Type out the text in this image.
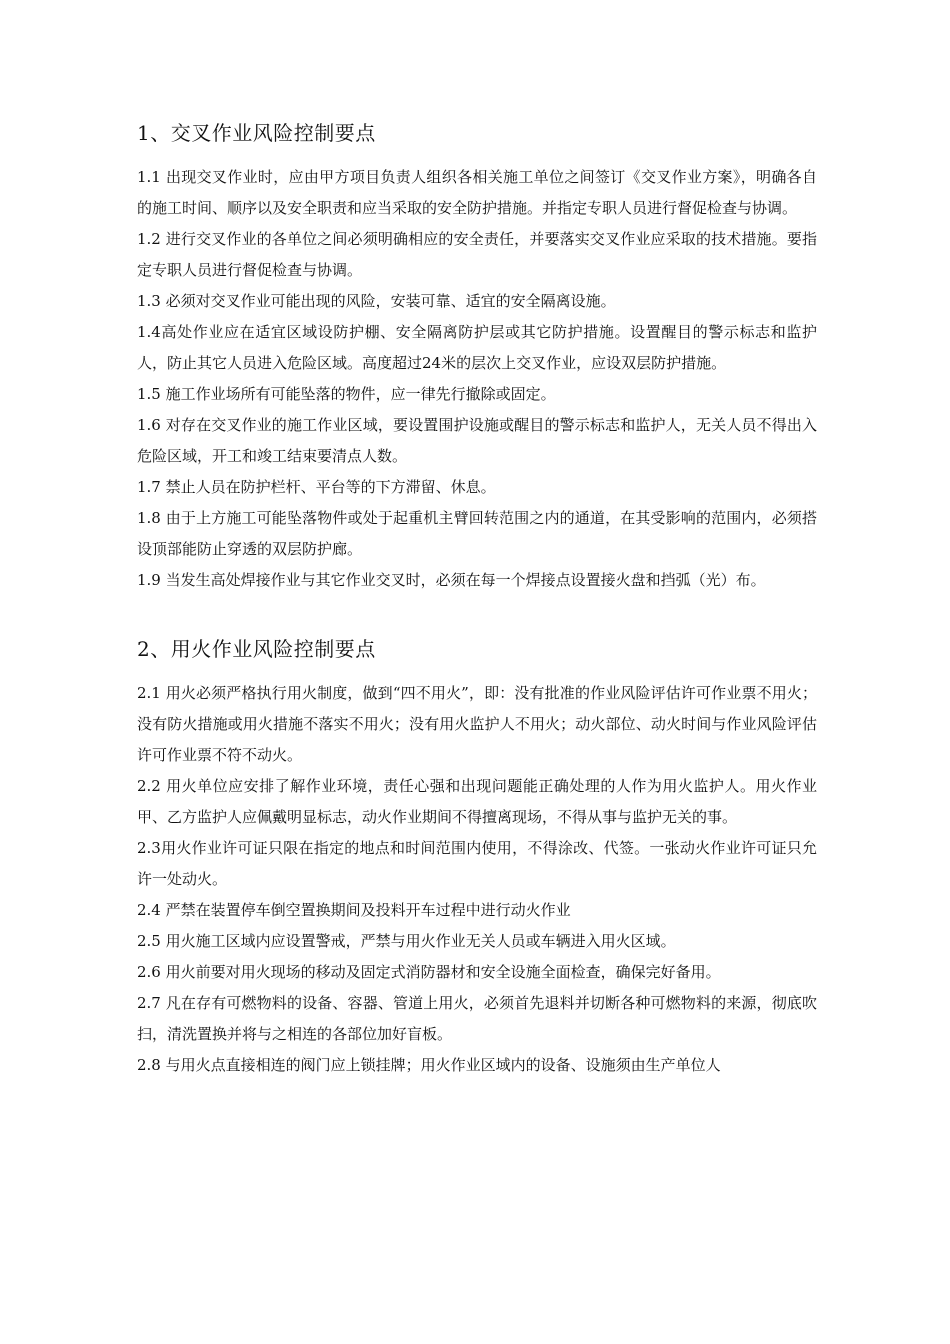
1、交叉作业风险控制要点

1.1 出现交叉作业时，应由甲方项目负责人组织各相关施工单位之间签订《交叉作业方案》，明确各自的施工时间、顺序以及安全职责和应当采取的安全防护措施。并指定专职人员进行督促检查与协调。

1.2 进行交叉作业的各单位之间必须明确相应的安全责任，并要落实交叉作业应采取的技术措施。要指定专职人员进行督促检查与协调。

1.3 必须对交叉作业可能出现的风险，安装可靠、适宜的安全隔离设施。

1.4高处作业应在适宜区域设防护棚、安全隔离防护层或其它防护措施。设置醒目的警示标志和监护人，防止其它人员进入危险区域。高度超过24米的层次上交叉作业，应设双层防护措施。

1.5 施工作业场所有可能坠落的物件，应一律先行撤除或固定。

1.6 对存在交叉作业的施工作业区域，要设置围护设施或醒目的警示标志和监护人，无关人员不得出入危险区域，开工和竣工结束要清点人数。

1.7 禁止人员在防护栏杆、平台等的下方滞留、休息。

1.8 由于上方施工可能坠落物件或处于起重机主臂回转范围之内的通道，在其受影响的范围内，必须搭设顶部能防止穿透的双层防护廊。

1.9 当发生高处焊接作业与其它作业交叉时，必须在每一个焊接点设置接火盘和挡弧（光）布。

2、用火作业风险控制要点

2.1 用火必须严格执行用火制度，做到“四不用火”，即：没有批准的作业风险评估许可作业票不用火；没有防火措施或用火措施不落实不用火；没有用火监护人不用火；动火部位、动火时间与作业风险评估许可作业票不符不动火。

2.2 用火单位应安排了解作业环境，责任心强和出现问题能正确处理的人作为用火监护人。用火作业甲、乙方监护人应佩戴明显标志，动火作业期间不得擅离现场，不得从事与监护无关的事。

2.3用火作业许可证只限在指定的地点和时间范围内使用，不得涂改、代签。一张动火作业许可证只允许一处动火。

2.4 严禁在装置停车倒空置换期间及投料开车过程中进行动火作业

2.5 用火施工区域内应设置警戒，严禁与用火作业无关人员或车辆进入用火区域。

2.6 用火前要对用火现场的移动及固定式消防器材和安全设施全面检查，确保完好备用。

2.7 凡在存有可燃物料的设备、容器、管道上用火，必须首先退料并切断各种可燃物料的来源，彻底吹扫，清洗置换并将与之相连的各部位加好盲板。

2.8 与用火点直接相连的阀门应上锁挂牌；用火作业区域内的设备、设施须由生产单位人
